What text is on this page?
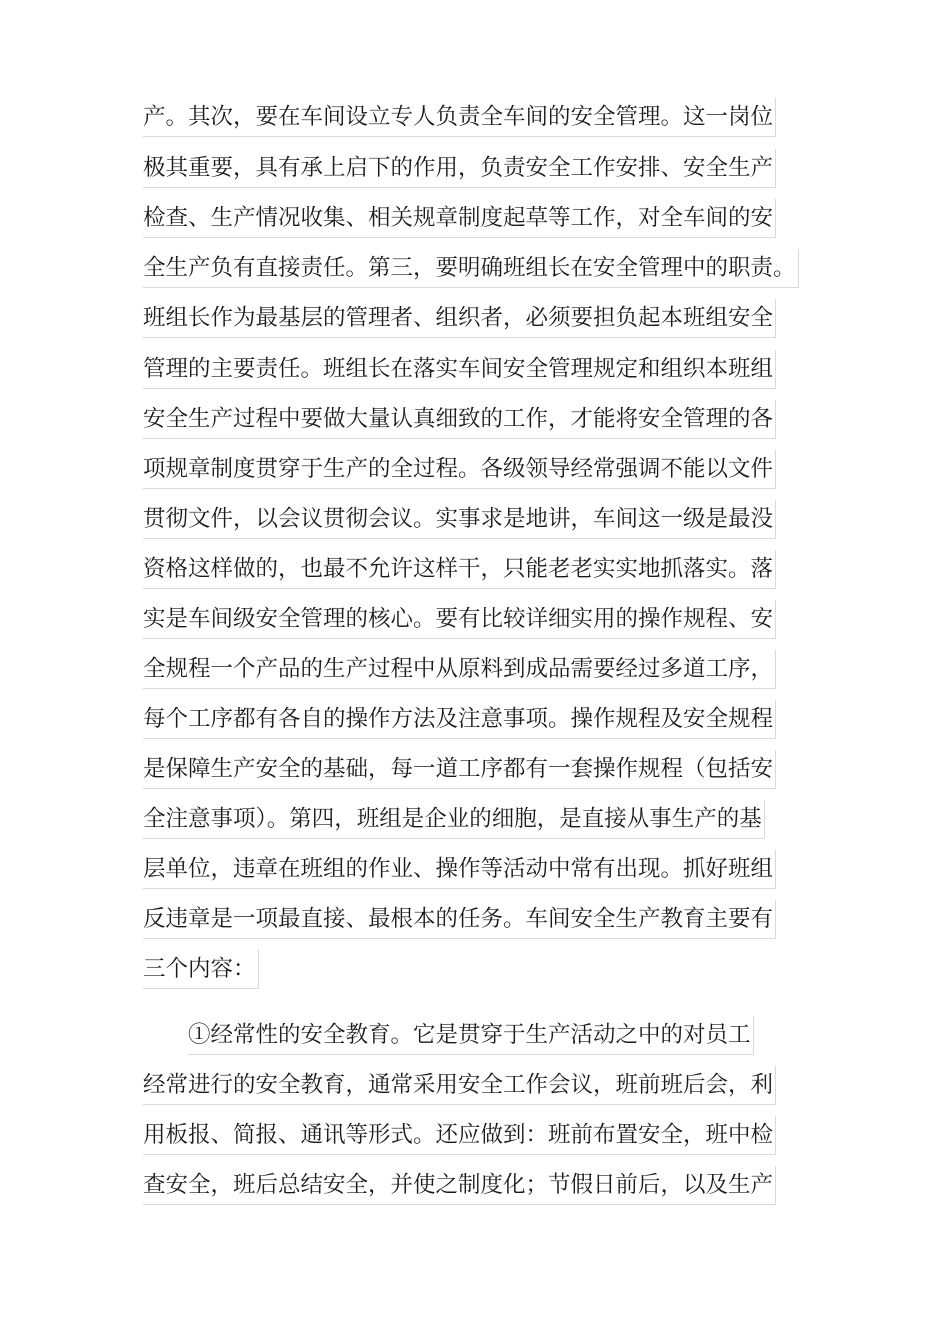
产。其次，要在车间设立专人负责全车间的安全管理。这一岗位
极其重要，具有承上启下的作用，负责安全工作安排、安全生产
检查、生产情况收集、相关规章制度起草等工作，对全车间的安
全生产负有直接责任。第三，要明确班组长在安全管理中的职责。
班组长作为最基层的管理者、组织者，必须要担负起本班组安全
管理的主要责任。班组长在落实车间安全管理规定和组织本班组
安全生产过程中要做大量认真细致的工作，才能将安全管理的各
项规章制度贯穿于生产的全过程。各级领导经常强调不能以文件
贯彻文件，以会议贯彻会议。实事求是地讲，车间这一级是最没
资格这样做的，也最不允许这样干，只能老老实实地抓落实。落
实是车间级安全管理的核心。要有比较详细实用的操作规程、安
全规程一个产品的生产过程中从原料到成品需要经过多道工序，
每个工序都有各自的操作方法及注意事项。操作规程及安全规程
是保障生产安全的基础，每一道工序都有一套操作规程（包括安
全注意事项）。第四，班组是企业的细胞，是直接从事生产的基
层单位，违章在班组的作业、操作等活动中常有出现。抓好班组
反违章是一项最直接、最根本的任务。车间安全生产教育主要有
三个内容：
①经常性的安全教育。它是贯穿于生产活动之中的对员工
经常进行的安全教育，通常采用安全工作会议，班前班后会，利
用板报、简报、通讯等形式。还应做到：班前布置安全，班中检
查安全，班后总结安全，并使之制度化；节假日前后，以及生产
